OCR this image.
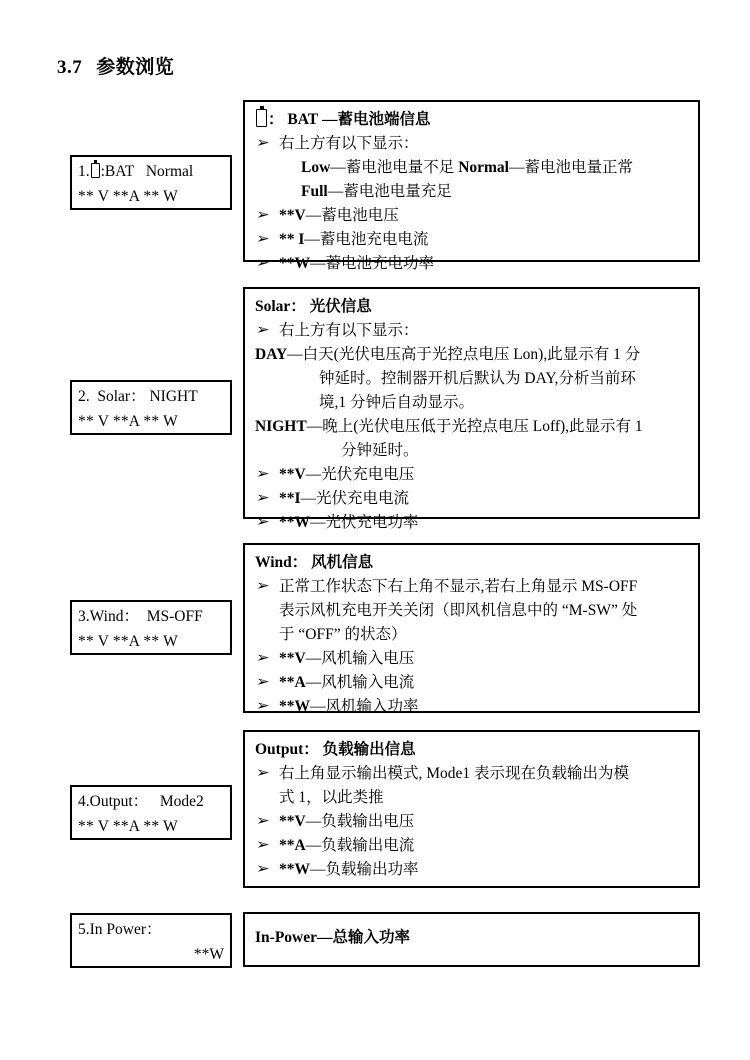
3.7 参数浏览
1. :BAT Normal
** V **A ** W
： BAT —蓄电池端信息
➢ 右上方有以下显示：
Low—蓄电池电量不足 Normal—蓄电池电量正常 Full—蓄电池电量充足
➢ **V—蓄电池电压
➢ ** I—蓄电池充电电流
➢ **W—蓄电池充电功率
2. Solar： NIGHT
** V **A ** W
Solar： 光伏信息
➢ 右上方有以下显示：
DAY—白天(光伏电压高于光控点电压 Lon),此显示有 1 分
钟延时。控制器开机后默认为 DAY,分析当前环
境,1 分钟后自动显示。
NIGHT—晚上(光伏电压低于光控点电压 Loff),此显示有 1
分钟延时。
➢ **V—光伏充电电压
➢ **I—光伏充电电流
➢ **W—光伏充电功率
3.Wind： MS-OFF
** V **A ** W
Wind： 风机信息
➢ 正常工作状态下右上角不显示,若右上角显示 MS-OFF
表示风机充电开关关闭（即风机信息中的 “M-SW” 处
于 “OFF” 的状态）
➢ **V—风机输入电压
➢ **A—风机输入电流
➢ **W—风机输入功率
4.Output： Mode2
** V **A ** W
Output： 负载输出信息
➢ 右上角显示输出模式, Mode1 表示现在负载输出为模
式 1，以此类推
➢ **V—负载输出电压
➢ **A—负载输出电流
➢ **W—负载输出功率
5.In Power：
**W
In-Power—总输入功率
